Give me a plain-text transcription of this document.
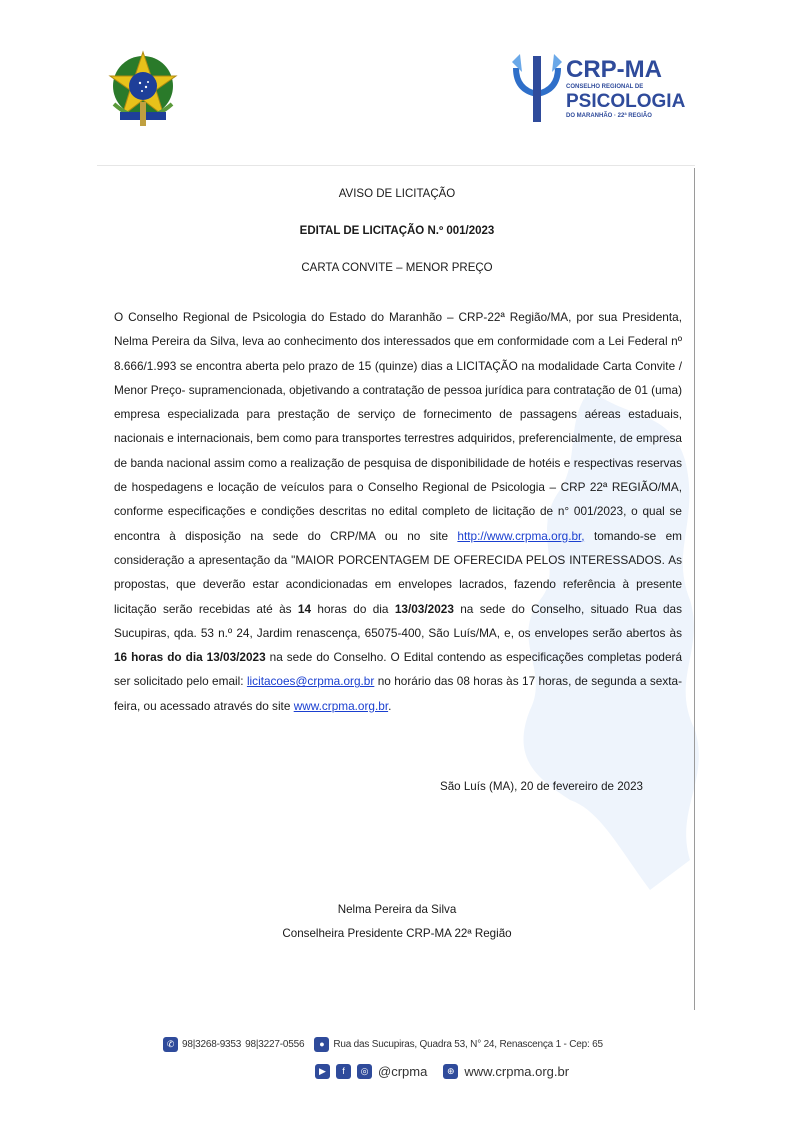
CRP-MA
CONSELHO REGIONAL DE
PSICOLOGIA
DO MARANHÃO · 22ª REGIÃO
AVISO DE LICITAÇÃO
EDITAL DE LICITAÇÃO N.º 001/2023
CARTA CONVITE – MENOR PREÇO
O Conselho Regional de Psicologia do Estado do Maranhão – CRP-22ª Região/MA, por sua Presidenta, Nelma Pereira da Silva, leva ao conhecimento dos interessados que em conformidade com a Lei Federal nº 8.666/1.993 se encontra aberta pelo prazo de 15 (quinze) dias a LICITAÇÃO na modalidade Carta Convite / Menor Preço- supramencionada, objetivando a contratação de pessoa jurídica para contratação de 01 (uma) empresa especializada para prestação de serviço de fornecimento de passagens aéreas estaduais, nacionais e internacionais, bem como para transportes terrestres adquiridos, preferencialmente, de empresa de banda nacional assim como a realização de pesquisa de disponibilidade de hotéis e respectivas reservas de hospedagens e locação de veículos para o Conselho Regional de Psicologia – CRP 22ª REGIÃO/MA, conforme especificações e condições descritas no edital completo de licitação de n° 001/2023, o qual se encontra à disposição na sede do CRP/MA ou no site http://www.crpma.org.br, tomando-se em consideração a apresentação da "MAIOR PORCENTAGEM DE OFERECIDA PELOS INTERESSADOS. As propostas, que deverão estar acondicionadas em envelopes lacrados, fazendo referência à presente licitação serão recebidas até às 14 horas do dia 13/03/2023 na sede do Conselho, situado Rua das Sucupiras, qda. 53 n.º 24, Jardim renascença, 65075-400, São Luís/MA, e, os envelopes serão abertos às 16 horas do dia 13/03/2023 na sede do Conselho. O Edital contendo as especificações completas poderá ser solicitado pelo email: licitacoes@crpma.org.br no horário das 08 horas às 17 horas, de segunda a sexta-feira, ou acessado através do site www.crpma.org.br.
São Luís (MA), 20 de fevereiro de 2023
Nelma Pereira da Silva
Conselheira Presidente CRP-MA 22ª Região
✆ 98|3268-9353 98|3227-0556	● Rua das Sucupiras, Quadra 53, N° 24, Renascença 1 - Cep: 65
▶	f	◎ @crpma	⊕ www.crpma.org.br
